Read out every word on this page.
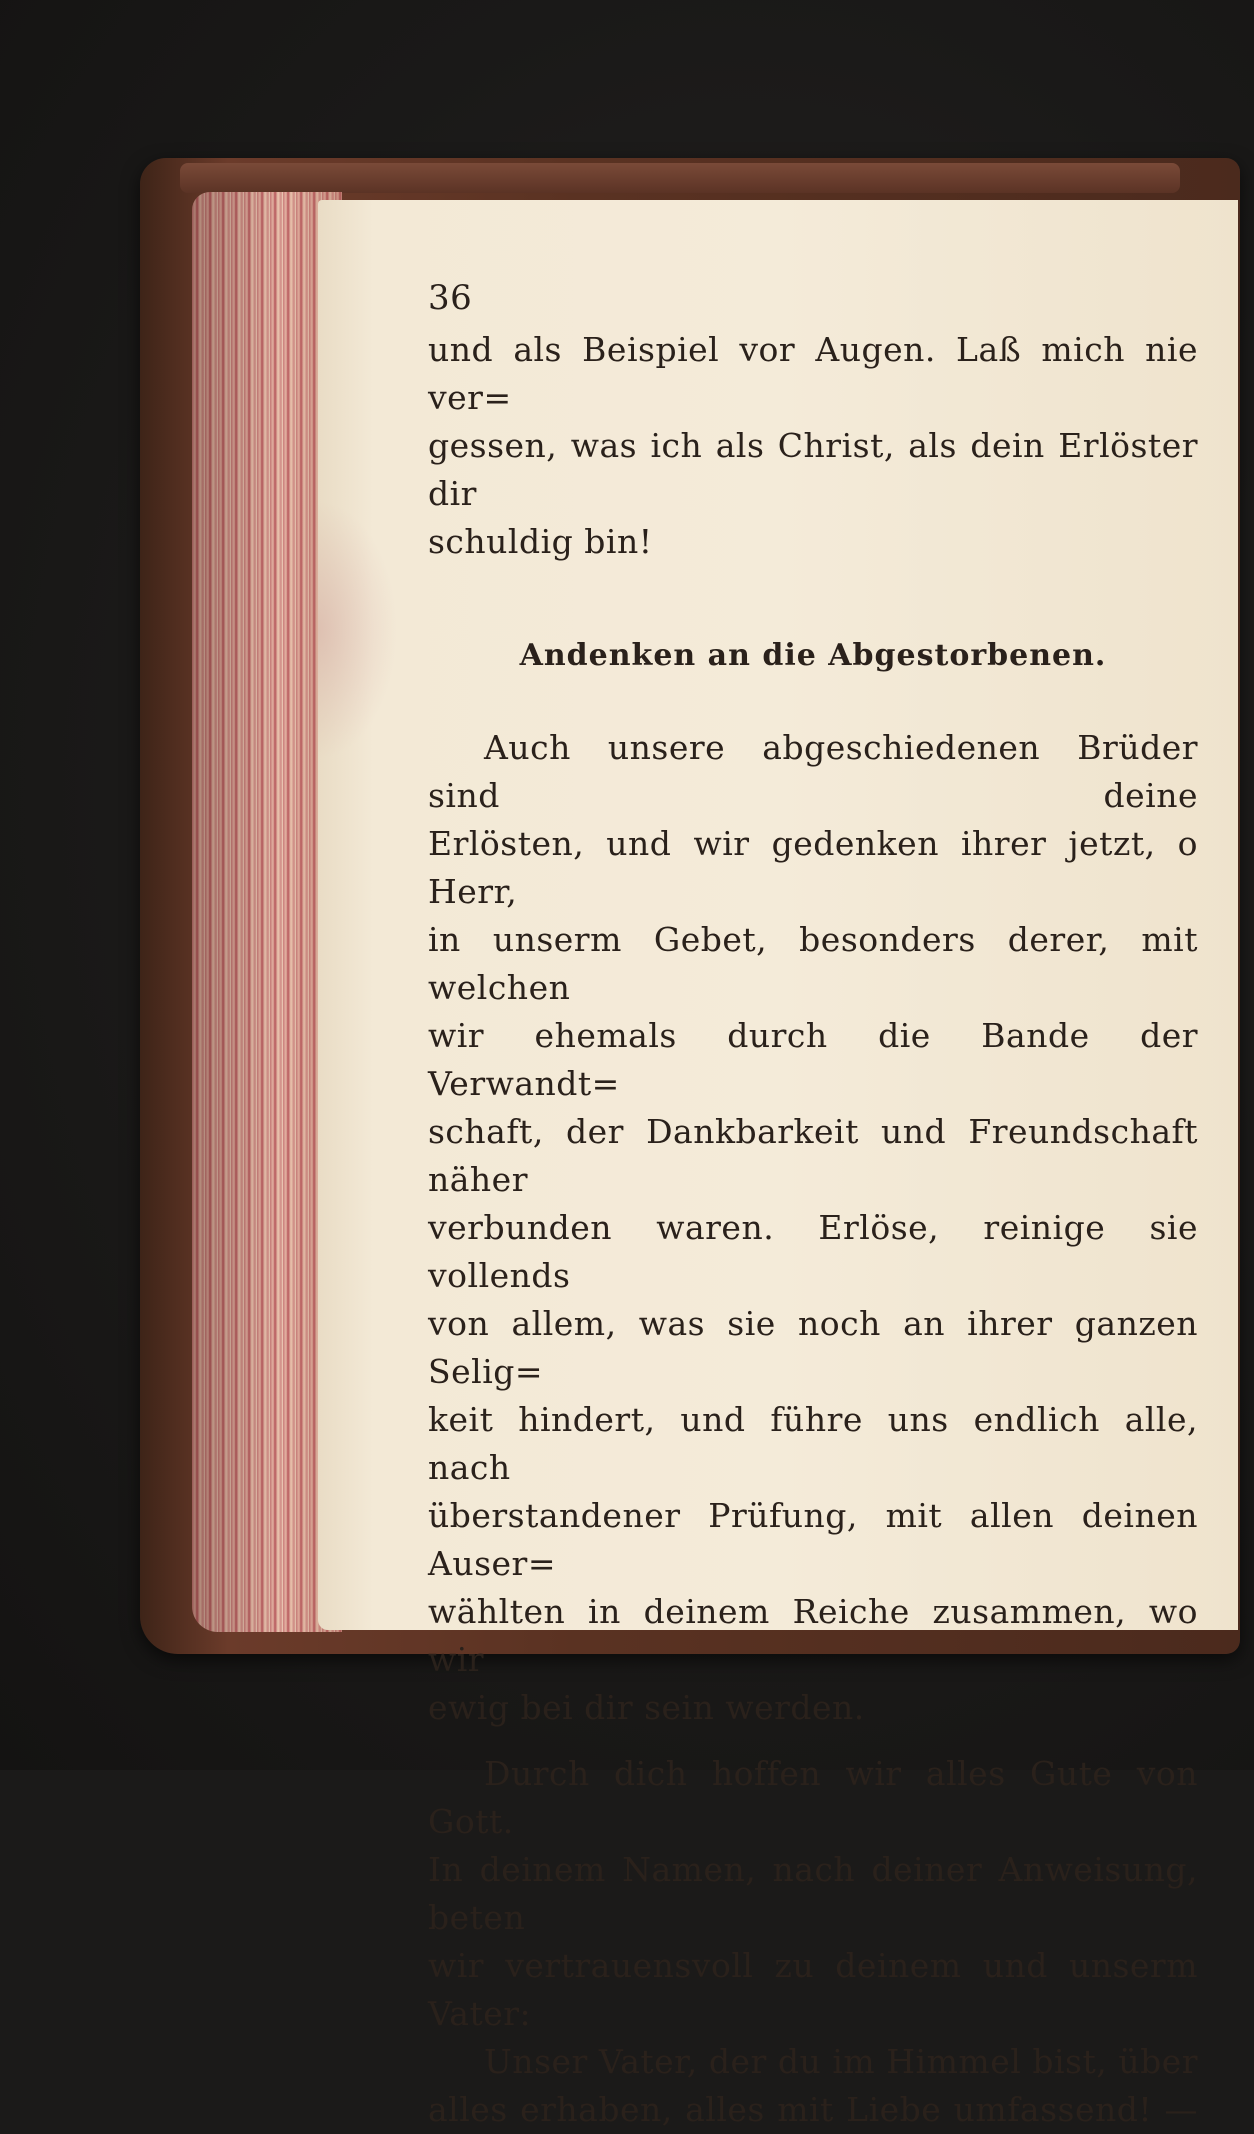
36

und als Beispiel vor Augen. Laß mich nie ver=
gessen, was ich als Christ, als dein Erlöster dir
schuldig bin!

Andenken an die Abgestorbenen.

Auch unsere abgeschiedenen Brüder sind deine
Erlösten, und wir gedenken ihrer jetzt, o Herr,
in unserm Gebet, besonders derer, mit welchen
wir ehemals durch die Bande der Verwandt=
schaft, der Dankbarkeit und Freundschaft näher
verbunden waren. Erlöse, reinige sie vollends
von allem, was sie noch an ihrer ganzen Selig=
keit hindert, und führe uns endlich alle, nach
überstandener Prüfung, mit allen deinen Auser=
wählten in deinem Reiche zusammen, wo wir
ewig bei dir sein werden.

Durch dich hoffen wir alles Gute von Gott.
In deinem Namen, nach deiner Anweisung, beten
wir vertrauensvoll zu deinem und unserm Vater:

Unser Vater, der du im Himmel bist, über
alles erhaben, alles mit Liebe umfassend! —
